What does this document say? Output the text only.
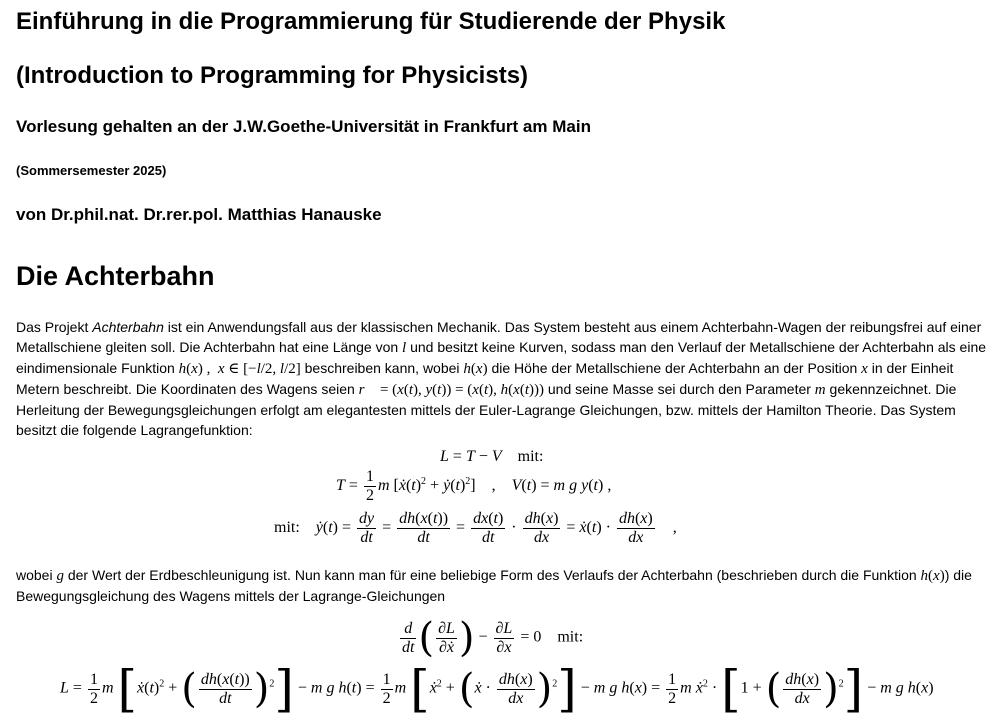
Einführung in die Programmierung für Studierende der Physik
(Introduction to Programming for Physicists)
Vorlesung gehalten an der J.W.Goethe-Universität in Frankfurt am Main
(Sommersemester 2025)
von Dr.phil.nat. Dr.rer.pol. Matthias Hanauske
Die Achterbahn
Das Projekt Achterbahn ist ein Anwendungsfall aus der klassischen Mechanik. Das System besteht aus einem Achterbahn-Wagen der reibungsfrei auf einer Metallschiene gleiten soll. Die Achterbahn hat eine Länge von l und besitzt keine Kurven, sodass man den Verlauf der Metallschiene der Achterbahn als eine eindimensionale Funktion h(x) ,  x ∈ [−l/2, l/2] beschreiben kann, wobei h(x) die Höhe der Metallschiene der Achterbahn an der Position x in der Einheit Metern beschreibt. Die Koordinaten des Wagens seien r⃗ = (x(t), y(t)) = (x(t), h(x(t))) und seine Masse sei durch den Parameter m gekennzeichnet. Die Herleitung der Bewegungsgleichungen erfolgt am elegantesten mittels der Euler-Lagrange Gleichungen, bzw. mittels der Hamilton Theorie. Das System besitzt die folgende Lagrangefunktion:
L = T − V mit:
$T = \frac{1}{2}$ m [$ẋ(t)^2$ + $ẏ(t)^2$]    ,    V(t) = m g y(t) ,
mit: ẏ(t) = $\frac{dy}{dt} = \frac{dh(x(t))}{dt} = \frac{dx(t)}{dt} \cdot \frac{dh(x)}{dx}$ = ẋ(t) · $\frac{dh(x)}{dx}$ ,
wobei g der Wert der Erdbeschleunigung ist. Nun kann man für eine beliebige Form des Verlaufs der Achterbahn (beschrieben durch die Funktion h(x)) die Bewegungsgleichung des Wagens mittels der Lagrange-Gleichungen
$\frac{d}{dt}$ ( $\frac{\partial L}{\text{∂ẋ}}$ ) − $\frac{\partial L}{\partial x} = 0$    mit:
$L = \frac{1}{2}$ m [$ẋ(t)^2$ + ( $\frac{dh(x(t))}{dt} )^2] - m$ g $h(t) = \frac{1}{2}$ m [ẋ$^2$ + (ẋ · $\frac{dh(x)}{dx} )^2] - m$ g $h(x) = \frac{1}{2}$ m ẋ$^2$ · [1 + ( $\frac{dh(x)}{dx} )^2] - m$ g h(x)
